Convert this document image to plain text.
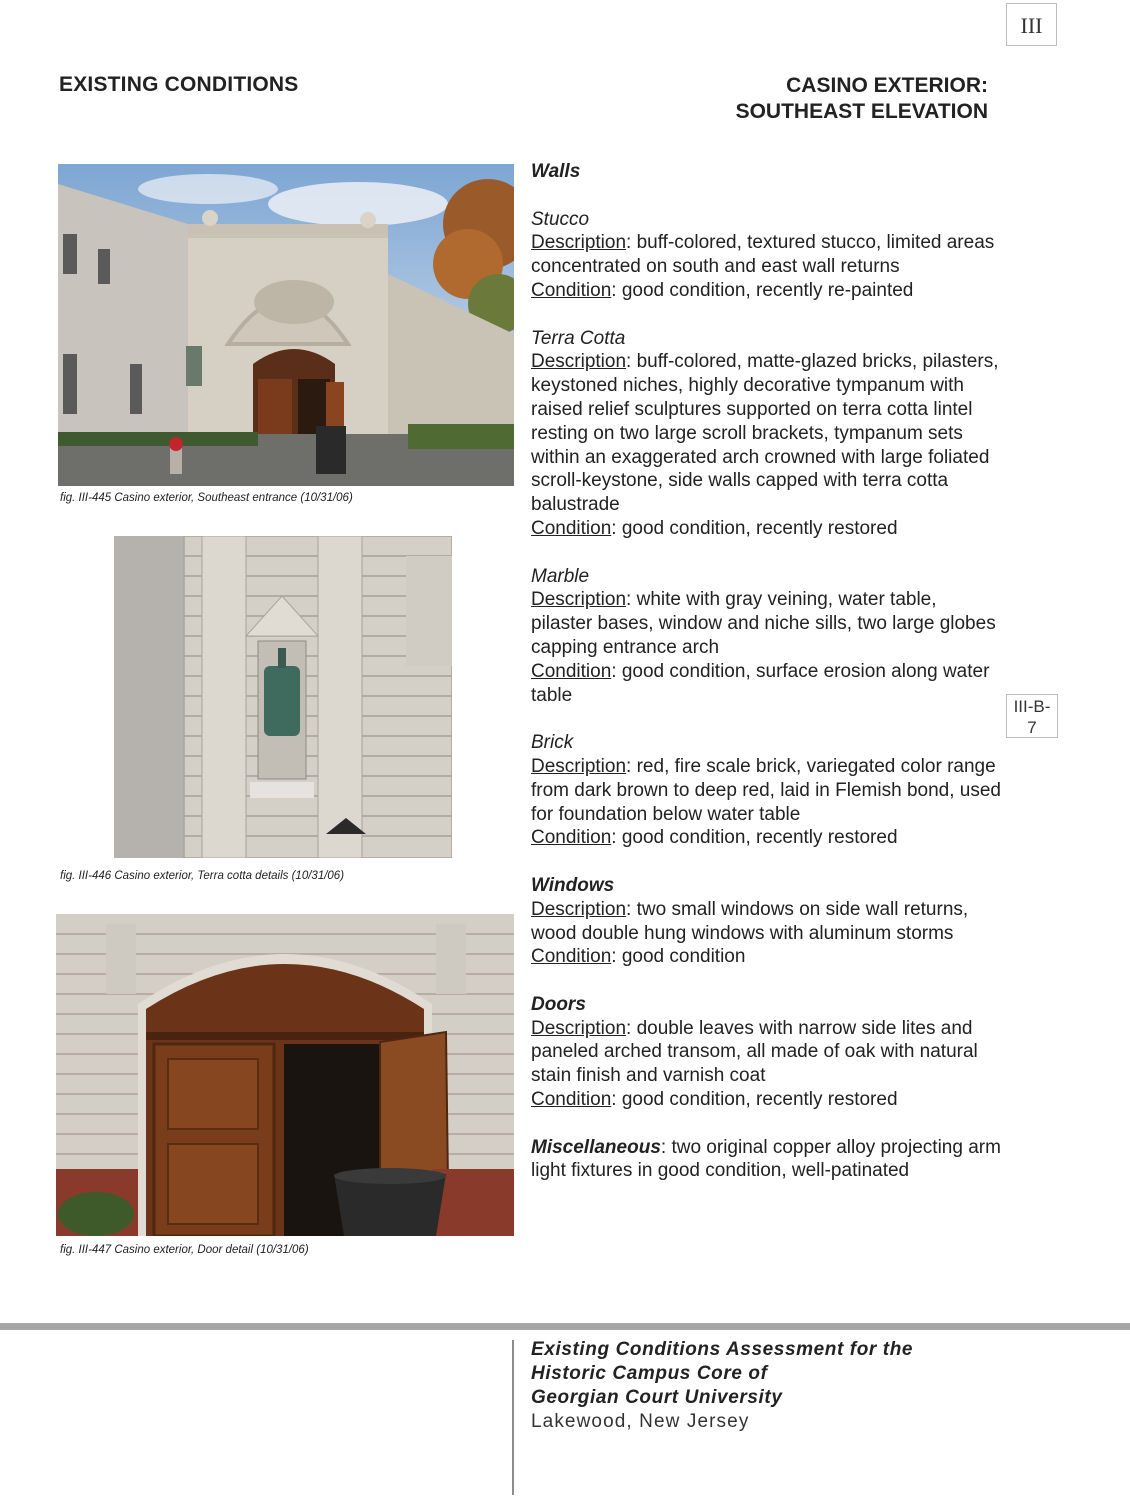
III
III-B-
7
EXISTING CONDITIONS	CASINO EXTERIOR:
SOUTHEAST ELEVATION
fig. III-445 Casino exterior, Southeast entrance (10/31/06)
fig. III-446 Casino exterior, Terra cotta details (10/31/06)
fig. III-447 Casino exterior, Door detail (10/31/06)
Walls
Stucco
Description: buff-colored, textured stucco, limited areas concentrated on south and east wall returns
Condition: good condition, recently re-painted
Terra Cotta
Description: buff-colored, matte-glazed bricks, pilasters, keystoned niches, highly decorative tympanum with raised relief sculptures supported on terra cotta lintel resting on two large scroll brackets, tympanum sets within an exaggerated arch crowned with large foliated scroll-keystone, side walls capped with terra cotta balustrade
Condition: good condition, recently restored
Marble
Description: white with gray veining, water table, pilaster bases, window and niche sills, two large globes capping entrance arch
Condition: good condition, surface erosion along water table
Brick
Description: red, fire scale brick, variegated color range from dark brown to deep red, laid in Flemish bond, used for foundation below water table
Condition: good condition, recently restored
Windows
Description: two small windows on side wall returns, wood double hung windows with aluminum storms
Condition: good condition
Doors
Description: double leaves with narrow side lites and paneled arched transom, all made of oak with natural stain finish and varnish coat
Condition: good condition, recently restored
Miscellaneous: two original copper alloy projecting arm light fixtures in good condition, well-patinated
Existing Conditions Assessment for the
Historic Campus Core of
Georgian Court University
Lakewood, New Jersey
